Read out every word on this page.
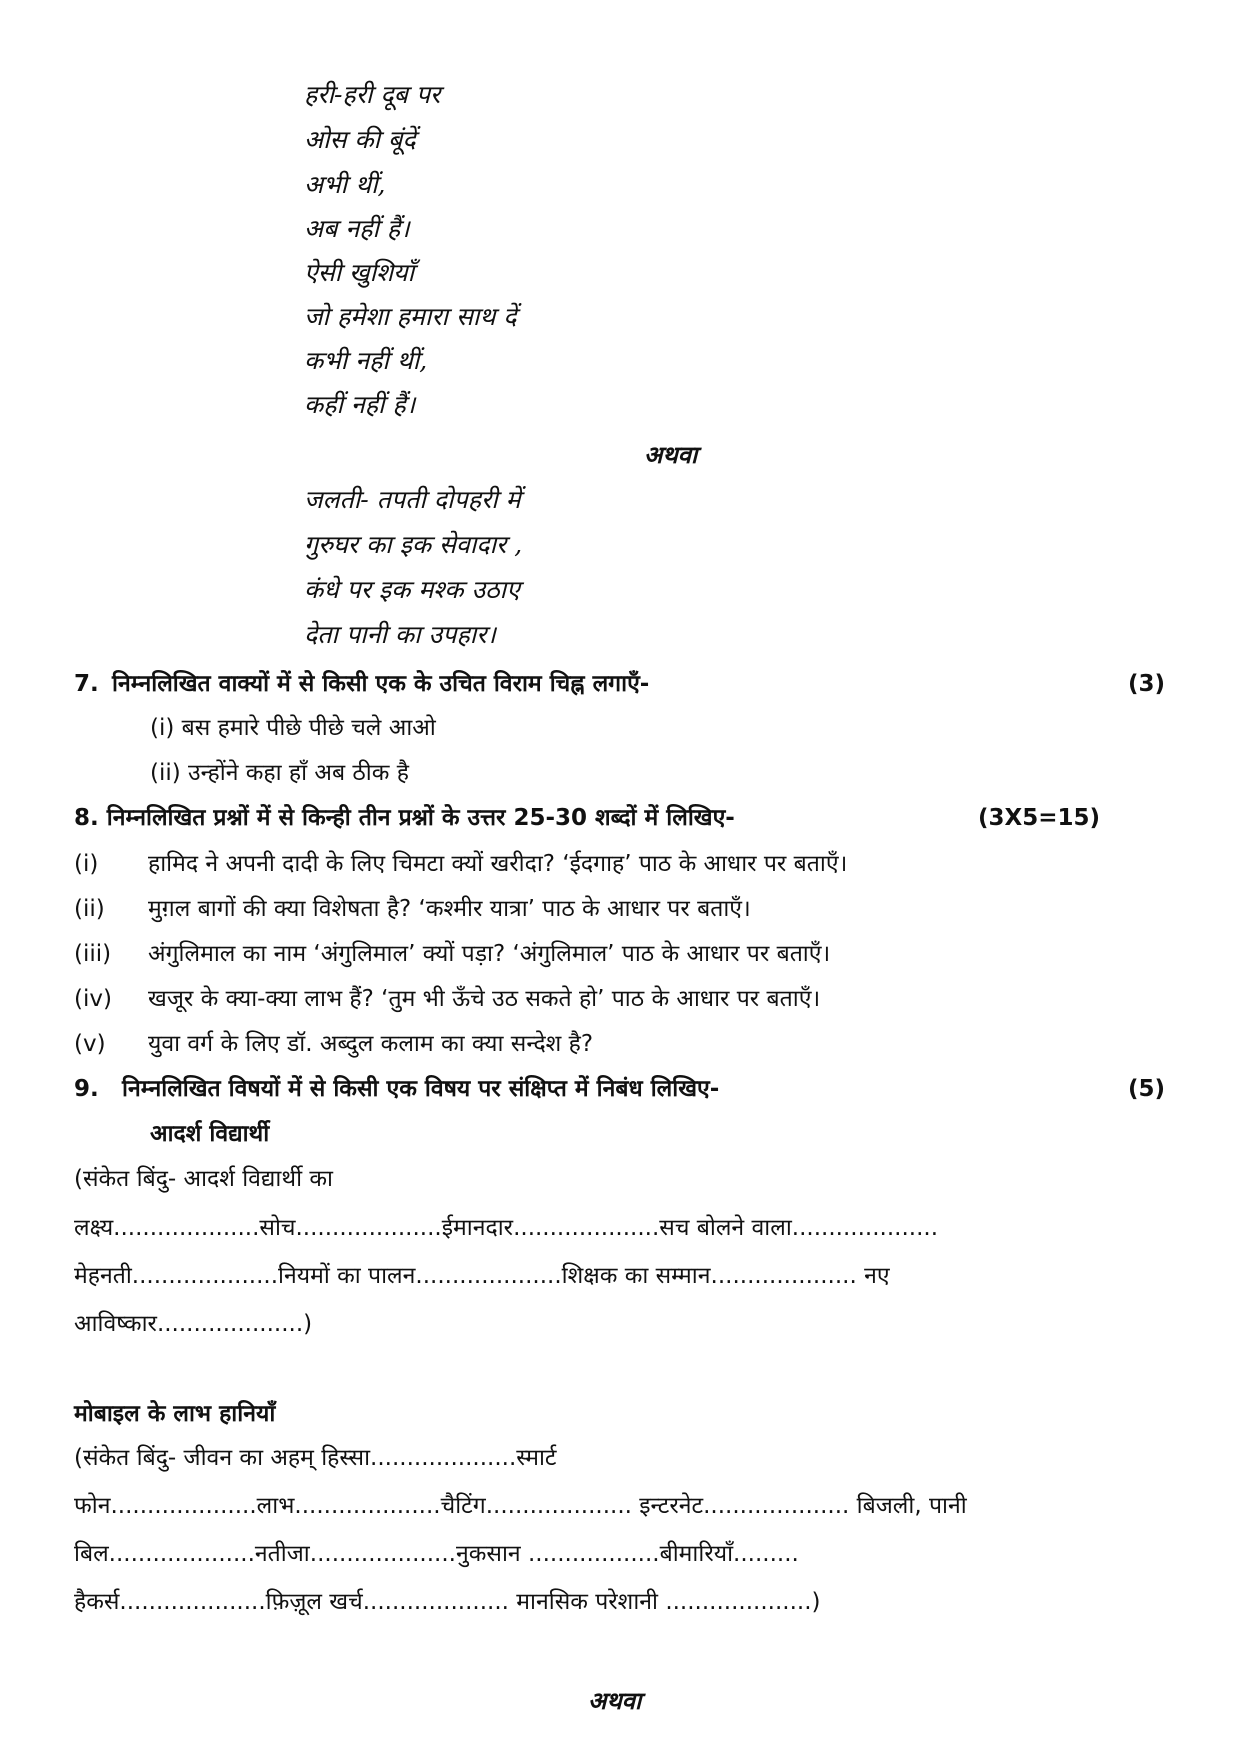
हरी-हरी दूब पर
ओस की बूंदें
अभी थीं,
अब नहीं हैं।
ऐसी खुशियाँ
जो हमेशा हमारा साथ दें
कभी नहीं थीं,
कहीं नहीं हैं।
अथवा
जलती- तपती दोपहरी में
गुरुघर का इक सेवादार ,
कंधे पर इक मश्क उठाए
देता पानी का उपहार।
7. निम्नलिखित वाक्यों में से किसी एक के उचित विराम चिह्न लगाएँ-	(3)
(i) बस हमारे पीछे पीछे चले आओ
(ii) उन्होंने कहा हाँ अब ठीक है
8. निम्नलिखित प्रश्नों में से किन्ही तीन प्रश्नों के उत्तर 25-30 शब्दों में लिखिए-	(3X5=15)
(i) हामिद ने अपनी दादी के लिए चिमटा क्यों खरीदा? ‘ईदगाह’ पाठ के आधार पर बताएँ।
(ii) मुग़ल बागों की क्या विशेषता है? ‘कश्मीर यात्रा’ पाठ के आधार पर बताएँ।
(iii) अंगुलिमाल का नाम ‘अंगुलिमाल’ क्यों पड़ा? ‘अंगुलिमाल’ पाठ के आधार पर बताएँ।
(iv) खजूर के क्या-क्या लाभ हैं? ‘तुम भी ऊँचे उठ सकते हो’ पाठ के आधार पर बताएँ।
(v) युवा वर्ग के लिए डॉ. अब्दुल कलाम का क्या सन्देश है?
9. निम्नलिखित विषयों में से किसी एक विषय पर संक्षिप्त में निबंध लिखिए-	(5)
आदर्श विद्यार्थी
(संकेत बिंदु- आदर्श विद्यार्थी का
लक्ष्य....................सोच....................ईमानदार....................सच बोलने वाला....................
मेहनती....................नियमों का पालन....................शिक्षक का सम्मान.................... नए
आविष्कार....................)
मोबाइल के लाभ हानियाँ
(संकेत बिंदु- जीवन का अहम् हिस्सा....................स्मार्ट
फोन....................लाभ....................चैटिंग.................... इन्टरनेट.................... बिजली, पानी
बिल....................नतीजा....................नुकसान ..................बीमारियाँ.........
हैकर्स....................फ़िज़ूल खर्च.................... मानसिक परेशानी ....................)
अथवा
